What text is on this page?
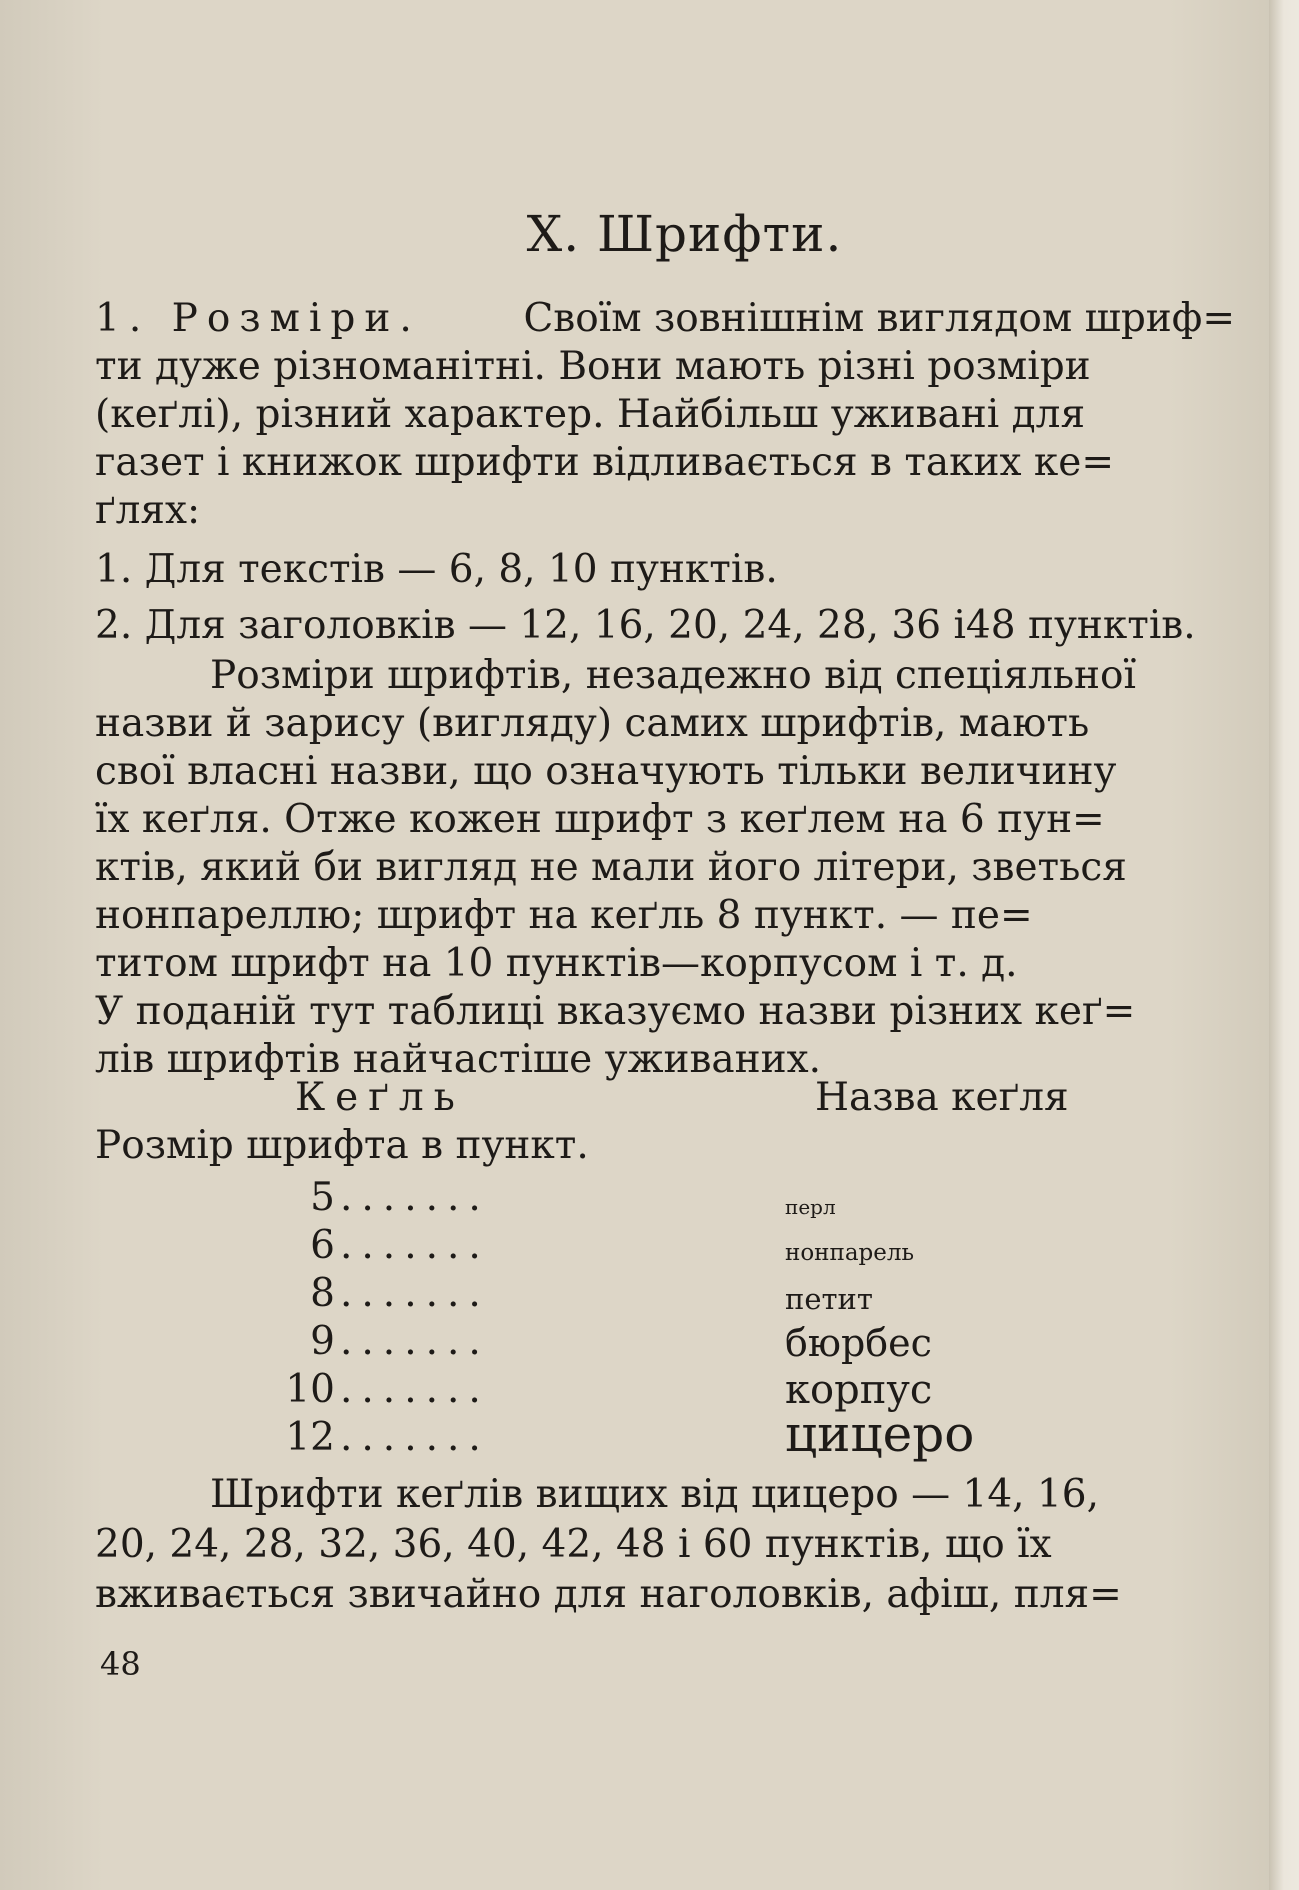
X. Шрифти.
1. Розміри.	Своїм зовнішнім виглядом шриф=
ти дуже різноманітні. Вони мають різні розміри
(кеґлі), різний характер. Найбільш уживані для
газет і книжок шрифти відливається в таких ке=
ґлях:
1. Для текстів — 6, 8, 10 пунктів.
2. Для заголовків — 12, 16, 20, 24, 28, 36 і48 пунктів.
Розміри шрифтів, незадежно від спеціяльної
назви й зарису (вигляду) самих шрифтів, мають
свої власні назви, що означують тільки величину
їх кеґля. Отже кожен шрифт з кеґлем на 6 пун=
ктів, який би вигляд не мали його літери, зветься
нонпареллю; шрифт на кеґль 8 пункт. — пе=
титом шрифт на 10 пунктів—корпусом і т. д.
У поданій тут таблиці вказуємо назви різних кеґ=
лів шрифтів найчастіше уживаних.
Кеґль	Назва кеґля
Розмір шрифта в пункт.
5 .......	перл
6 .......	нонпарель
8 .......	петит
9 .......	бюрбес
10 .......	корпус
12 .......	цицеро
Шрифти кеґлів вищих від цицеро — 14, 16,
20, 24, 28, 32, 36, 40, 42, 48 і 60 пунктів, що їх
вживається звичайно для наголовків, афіш, пля=
48
